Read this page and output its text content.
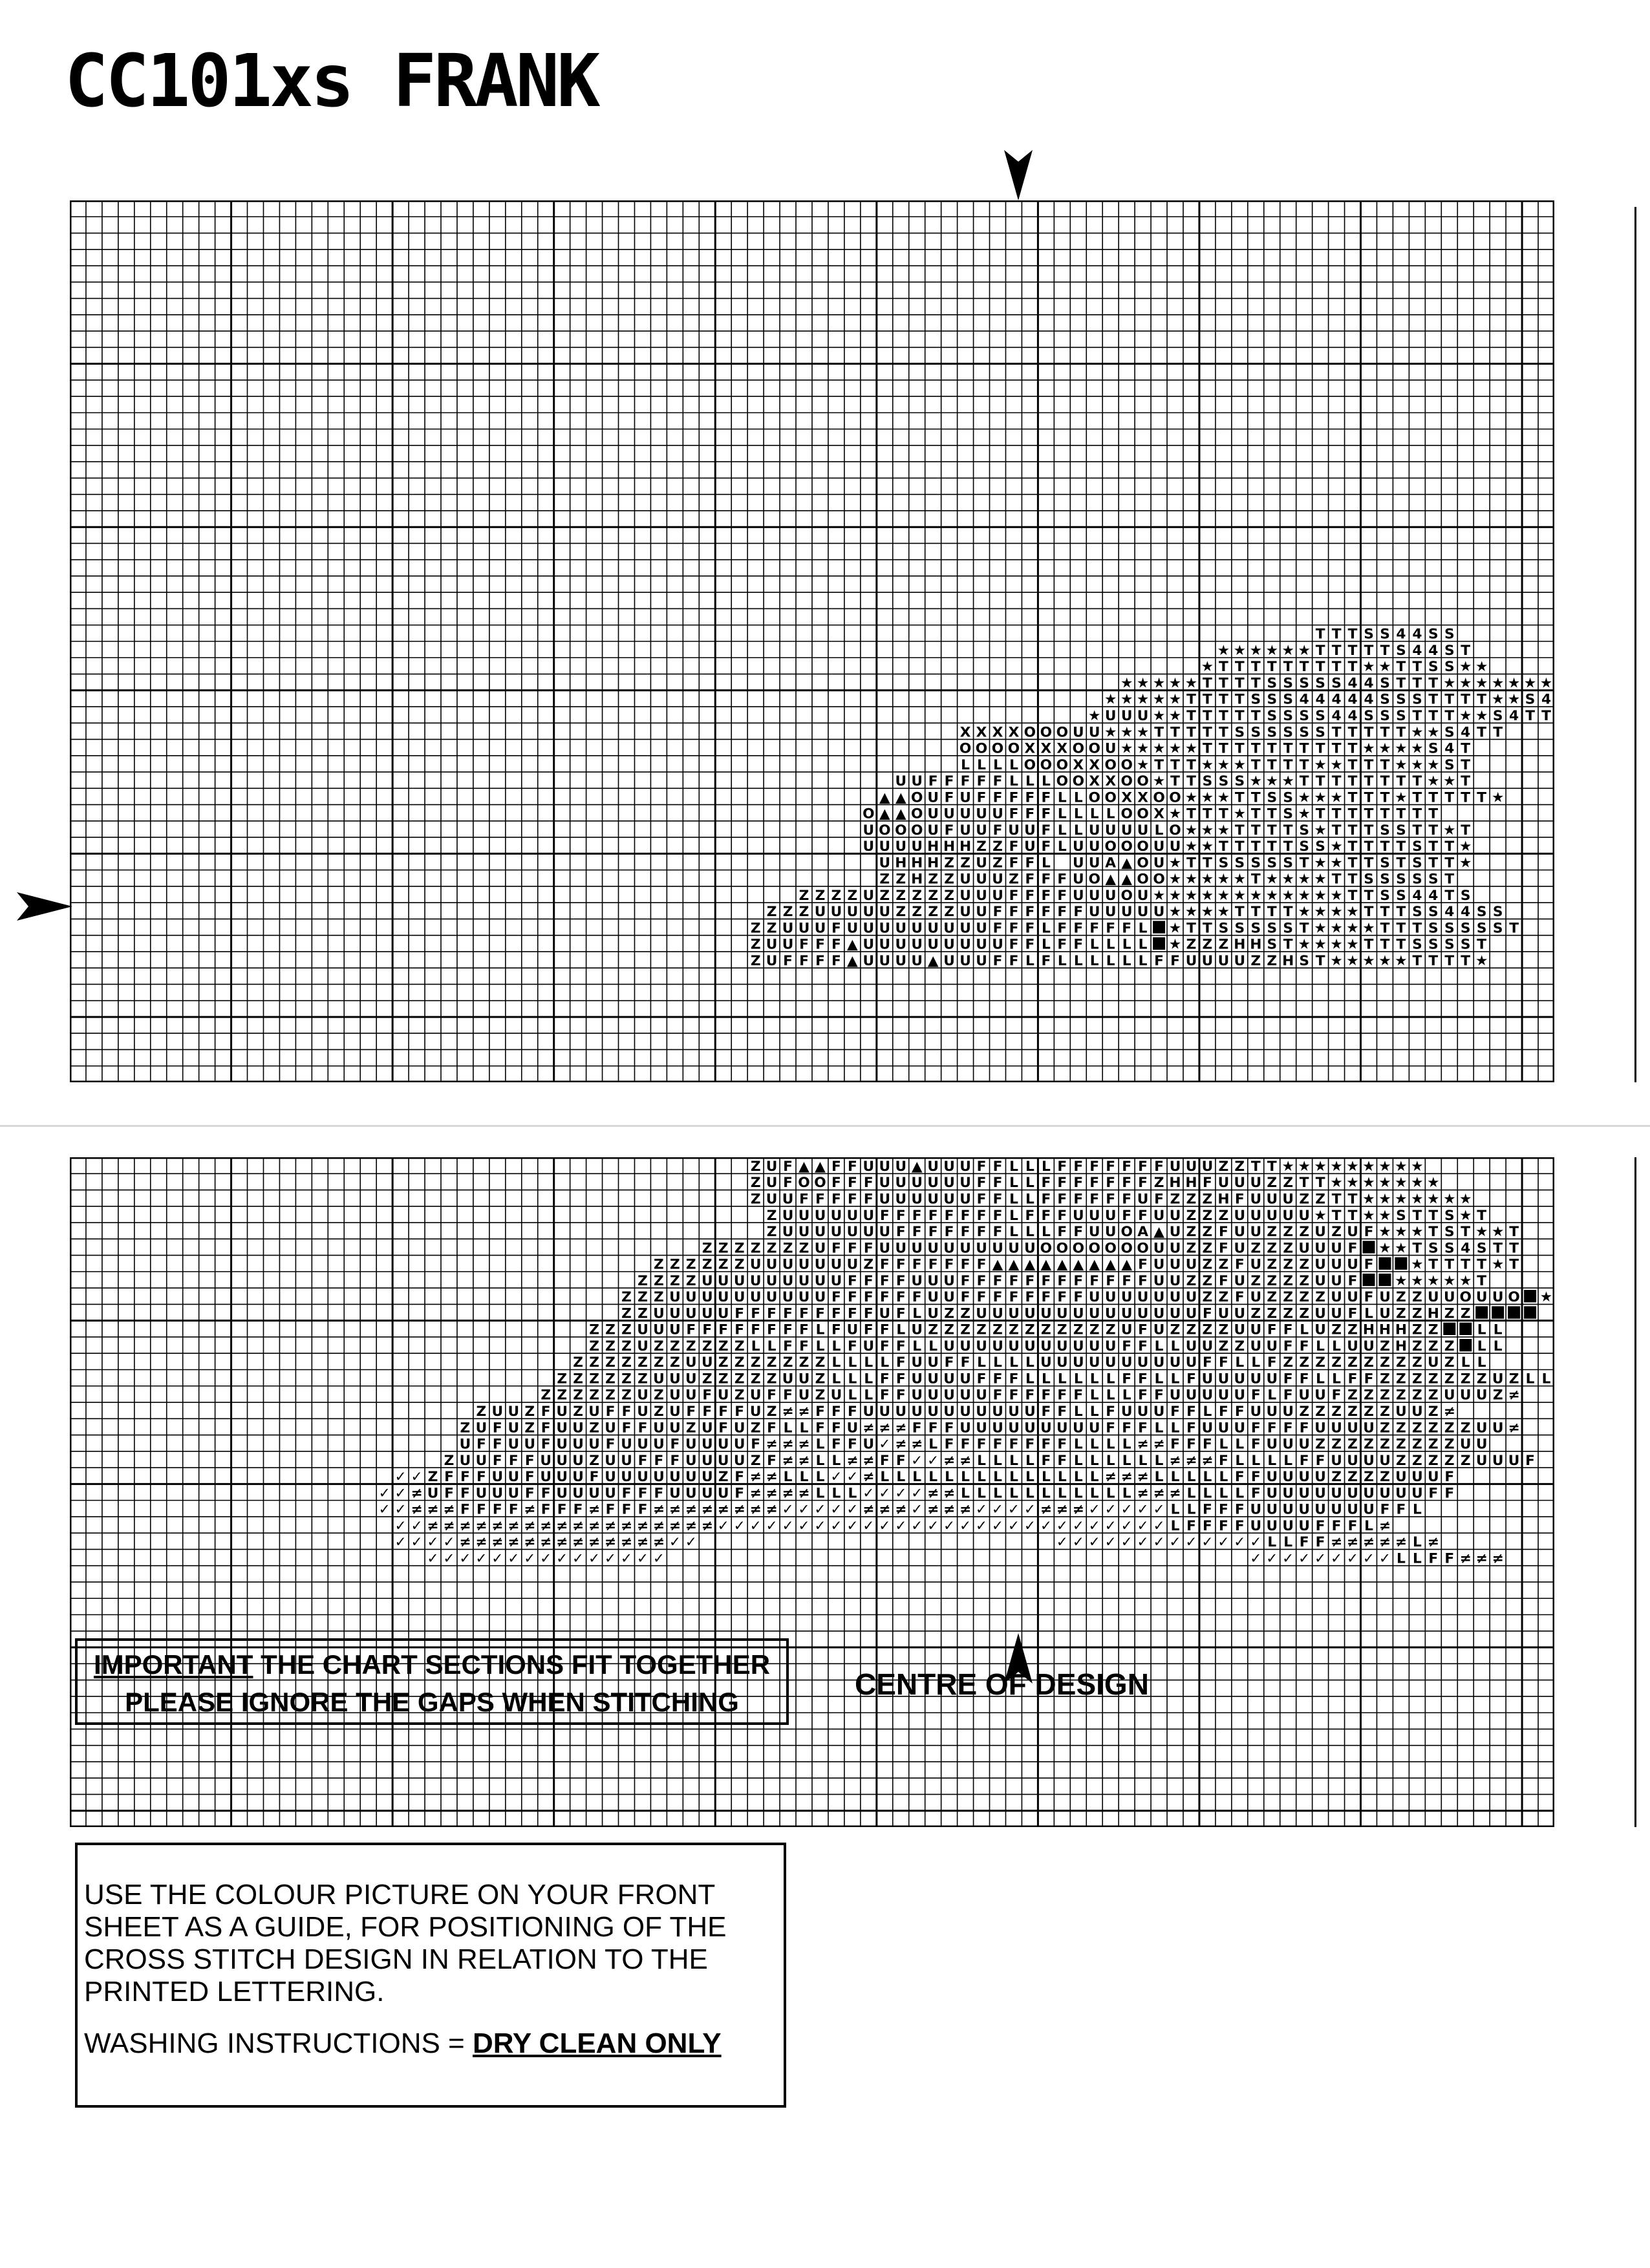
CC101xs FRANK
T T T S S 4 4 S S
★ ★ ★ ★ ★ ★ T T T T T S 4 4 S T
★ T T T T T T T T T ★ ★ T T S S ★ ★
★ ★ ★ ★ ★ T T T T S S S S S 4 4 S T T T ★ ★ ★ ★ ★ ★ ★
★ ★ ★ ★ ★ T T T T S S S 4 4 4 4 4 S S S T T T T ★ ★ S 4
★ U U U ★ ★ T T T T T S S S S 4 4 S S S T T T ★ ★ S 4 T T
X X X X O O O U U ★ ★ ★ T T T T T S S S S S S T T T T T ★ ★ S 4 T T
O O O O X X X O O U ★ ★ ★ ★ ★ T T T T T T T T T T ★ ★ ★ ★ S 4 T
L L L L O O O X X O O ★ T T T ★ ★ ★ T T T T ★ ★ T T T ★ ★ ★ S T
U U F F F F F L L L O O X X O O ★ T T S S S ★ ★ ★ T T T T T T T T ★ ★ T
▲ ▲ O U F U F F F F F L L O O X X O O ★ ★ ★ T T S S ★ ★ ★ T T T ★ T T T T T ★
O ▲ ▲ O U U U U U F F F L L L L O O X ★ T T T ★ T T S ★ T T T T T T T T
U O O O U F U U F U U F L L U U U U L O ★ ★ ★ T T T T S ★ T T T S S T T ★ T
U U U U H H H Z Z F U F L U U O O O U U ★ ★ T T T T T S S ★ T T T T S T T ★
U H H H Z Z U Z F F L U U A ▲ O U ★ T T S S S S S T ★ ★ T T S T S T T ★
Z Z H Z Z U U U Z F F F U O ▲ ▲ O O ★ ★ ★ ★ ★ T ★ ★ ★ ★ T T S S S S S T
Z Z Z Z U Z Z Z Z Z U U U F F F F U U U O U ★ ★ ★ ★ ★ ★ ★ ★ ★ ★ ★ ★ T T S S 4 4 T S
Z Z Z U U U U U Z Z Z Z U U F F F F F F U U U U U ★ ★ ★ ★ T T T T ★ ★ ★ ★ T T T S S 4 4 S S
Z Z U U U F U U U U U U U U U F F F L F F F F F L ★ T T S S S S S T ★ ★ ★ ★ T T T S S S S S T
Z U U F F F ▲ U U U U U U U U U F F L F F L L L L ★ Z Z Z H H S T ★ ★ ★ ★ T T T S S S S T
Z U F F F F ▲ U U U U ▲ U U U F F L F L L L L L L F F U U U U Z Z H S T ★ ★ ★ ★ ★ T T T T ★
Z U F ▲ ▲ F F U U U ▲ U U U F F L L L F F F F F F F U U U Z Z T T ★ ★ ★ ★ ★ ★ ★ ★ ★
Z U F O O F F F U U U U U U F F L L F F F F F F F Z H H F U U U Z Z T T ★ ★ ★ ★ ★ ★ ★
Z U U F F F F F U U U U U U F F L L F F F F F F U F Z Z Z H F U U U Z Z T T ★ ★ ★ ★ ★ ★ ★
Z U U U U U U F F F F F F F F L F F F U U U F F U U Z Z Z U U U U U ★ T T ★ ★ S T T S ★ T
Z U U U U U U U F F F F F F F L L L F F U U O A ▲ U Z Z F U U Z Z Z U Z U F ★ ★ ★ T S T ★ ★ T
Z Z Z Z Z Z Z U F F F U U U U U U U U U U O O O O O O O U U Z Z F U Z Z Z U U U F ★ ★ T S S 4 S T T
Z Z Z Z Z Z U U U U U U U Z F F F F F F F ▲ ▲ ▲ ▲ ▲ ▲ ▲ ▲ ▲ F U U U Z Z F U Z Z Z U U U F	★ T T T T ★ T
Z Z Z Z U U U U U U U U U F F F F U U U F F F F F F F F F F F F U U Z Z F U Z Z Z Z U U F	★ ★ ★ ★ ★ T
Z Z Z U U U U U U U U U U F F F F F F U U F F F F F F F F U U U U U U U Z Z F U Z Z Z Z U U F U Z Z U U O U U O ★
Z Z U U U U U F F F F F F F F F U F L U Z Z U U U U U U U U U U U U U U F U U Z Z Z Z U U F L U Z Z H Z Z
Z Z Z U U U F F F F F F F F L F U F F L U Z Z Z Z Z Z Z Z Z Z Z Z U F U Z Z Z Z U U F F L U Z Z H H H Z Z	L L
Z Z Z U Z Z Z Z Z Z L L F F L L F U F F L L U U U U U U U U U U U F F L L U U Z Z U U F F L L U U Z H Z Z Z L L
Z Z Z Z Z Z Z U U Z Z Z Z Z Z Z L L L L F U U F F L L L L U U U U U U U U U U F F L L F Z Z Z Z Z Z Z Z Z U Z L L
Z Z Z Z Z Z U U U Z Z Z Z Z U U Z L L L F F U U U U F F F L L L L L L F F L L F U U U U U F F L L F F Z Z Z Z Z Z Z U Z L L
Z Z Z Z Z Z U Z U U F U Z U F F U Z U L L F F U U U U U F F F F F F L L L F F U U U U U F L F U U F Z Z Z Z Z Z U U U Z ≠
Z U U Z F U Z U F F U Z U F F F F U Z ≠ ≠ F F F U U U U U U U U U U U F F L L F U U U F F L F F U U U Z Z Z Z Z Z U U Z ≠
Z U F U Z F U U Z U F F U U Z U F U Z F L L F F U ≠ ≠ ≠ F F F U U U U U U U U U F F F L L F U U U F F F F U U U U Z Z Z Z Z Z U U ≠
U F F U U F U U U F U U U F U U U U F ≠ ≠ ≠ L F F U ✓ ≠ ≠ L F F F F F F F F L L L L ≠ ≠ F F F L L F U U U Z Z Z Z Z Z Z Z Z U U
Z U U F F F U U U Z U U F F F U U U U Z F ≠ ≠ L L ≠ ≠ F F ✓ ✓ ≠ ≠ L L L L F F L L L L L L ≠ ≠ ≠ F L L L L F F U U U U Z Z Z Z Z U U U F
✓ ✓ Z F F F U U F U U U F U U U U U U U Z F ≠ ≠ L L L ✓ ✓ ≠ L L L L L L L L L L L L L L ≠ ≠ ≠ L L L L L F F U U U U Z Z Z Z U U U F
✓ ✓ ≠ U F F U U U F F U U U U F F F U U U U F ≠ ≠ ≠ ≠ L L L ✓ ✓ ✓ ✓ ≠ ≠ L L L L L L L L L L L ≠ ≠ ≠ L L L L F U U U U U U U U U U F F
✓ ✓ ≠ ≠ ≠ F F F F ≠ F F F ≠ F F F ≠ ≠ ≠ ≠ ≠ ≠ ≠ ≠ ✓ ✓ ✓ ✓ ✓ ≠ ≠ ≠ ✓ ≠ ≠ ≠ ✓ ✓ ✓ ✓ ≠ ≠ ≠ ✓ ✓ ✓ ✓ ✓ L L F F F U U U U U U U U F F L
✓ ✓ ≠ ≠ ≠ ≠ ≠ ≠ ≠ ≠ ≠ ≠ ≠ ≠ ≠ ≠ ≠ ≠ ≠ ≠ ✓ ✓ ✓ ✓ ✓ ✓ ✓ ✓ ✓ ✓ ✓ ✓ ✓ ✓ ✓ ✓ ✓ ✓ ✓ ✓ ✓ ✓ ✓ ✓ ✓ ✓ ✓ ✓ L F F F F U U U U F F F L ≠
✓ ✓ ✓ ✓ ≠ ≠ ≠ ≠ ≠ ≠ ≠ ≠ ≠ ≠ ≠ ≠ ≠ ✓ ✓	✓ ✓ ✓ ✓ ✓ ✓ ✓ ✓ ✓ ✓ ✓ ✓ ✓ L L F F ≠ ≠ ≠ ≠ ≠ L ≠
✓ ✓ ✓ ✓ ✓ ✓ ✓ ✓ ✓ ✓ ✓ ✓ ✓ ✓ ✓	✓ ✓ ✓ ✓ ✓ ✓ ✓ ✓ ✓ L L F F ≠ ≠ ≠
IMPORTANT THE CHART SECTIONS FIT TOGETHER
PLEASE IGNORE THE GAPS WHEN STITCHING
CENTRE OF DESIGN

USE THE COLOUR PICTURE ON YOUR FRONT

SHEET AS A GUIDE, FOR POSITIONING OF THE

CROSS STITCH DESIGN IN RELATION TO THE

PRINTED LETTERING.

WASHING INSTRUCTIONS = DRY CLEAN ONLY
